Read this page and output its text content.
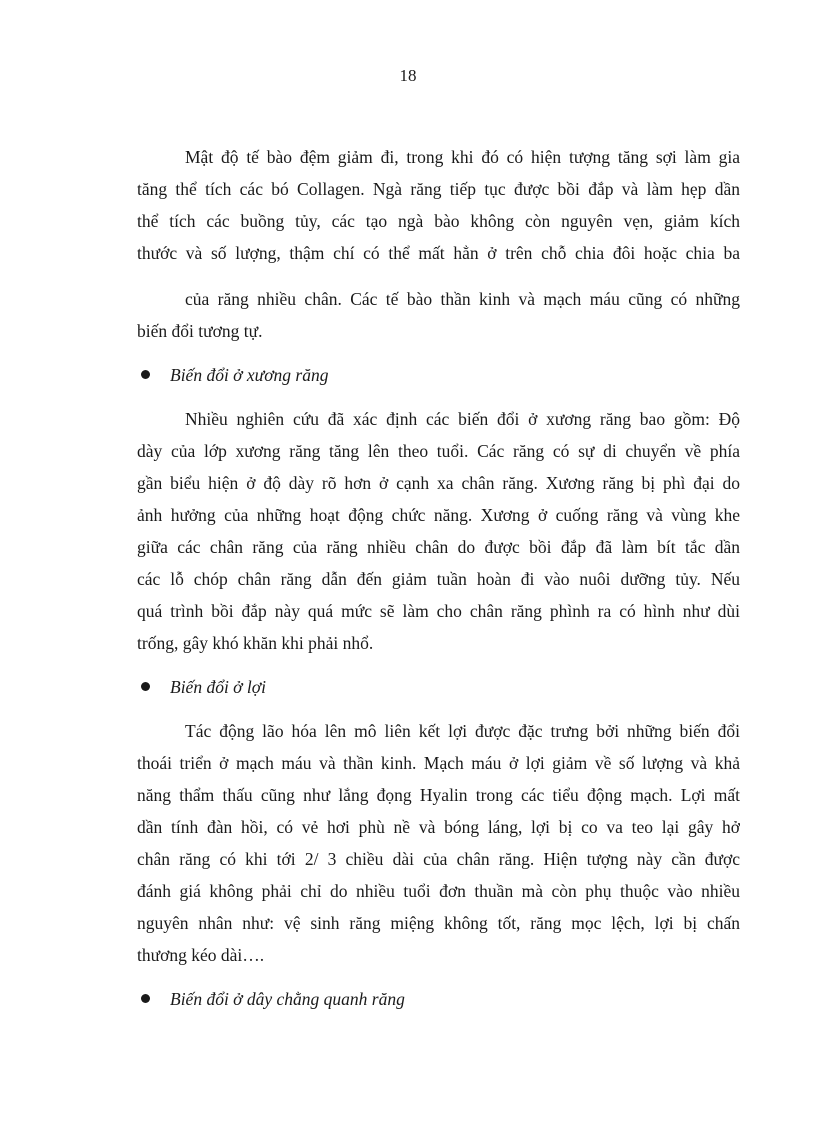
18
Mật độ tế bào đệm giảm đi, trong khi đó có hiện tượng tăng sợi làm gia
tăng thể tích các bó Collagen. Ngà răng tiếp tục được bồi đắp và làm hẹp dần
thể tích các buồng tủy, các tạo ngà bào không còn nguyên vẹn, giảm kích
thước và số lượng, thậm chí có thể mất hẳn ở trên chỗ chia đôi hoặc chia ba
của răng nhiều chân. Các tế bào thần kinh và mạch máu cũng có những
biến đổi tương tự.
Biến đổi ở xương răng
Nhiều nghiên cứu đã xác định các biến đổi ở xương răng bao gồm: Độ
dày của lớp xương răng tăng lên theo tuổi. Các răng có sự di chuyển về phía
gần biểu hiện ở độ dày rõ hơn ở cạnh xa chân răng. Xương răng bị phì đại do
ảnh hưởng của những hoạt động chức năng. Xương ở cuống răng và vùng khe
giữa các chân răng của răng nhiều chân do được bồi đắp đã làm bít tắc dần
các lỗ chóp chân răng dẫn đến giảm tuần hoàn đi vào nuôi dưỡng tủy. Nếu
quá trình bồi đắp này quá mức sẽ làm cho chân răng phình ra có hình như dùi
trống, gây khó khăn khi phải nhổ.
Biến đổi ở lợi
Tác động lão hóa lên mô liên kết lợi được đặc trưng bởi những biến đổi
thoái triển ở mạch máu và thần kinh. Mạch máu ở lợi giảm về số lượng và khả
năng thẩm thấu cũng như lắng đọng Hyalin trong các tiểu động mạch. Lợi mất
dần tính đàn hồi, có vẻ hơi phù nề và bóng láng, lợi bị co va teo lại gây hở
chân răng có khi tới 2/ 3 chiều dài của chân răng. Hiện tượng này cần được
đánh giá không phải chỉ do nhiều tuổi đơn thuần mà còn phụ thuộc vào nhiều
nguyên nhân như: vệ sinh răng miệng không tốt, răng mọc lệch, lợi bị chấn
thương kéo dài….
Biến đổi ở dây chằng quanh răng
